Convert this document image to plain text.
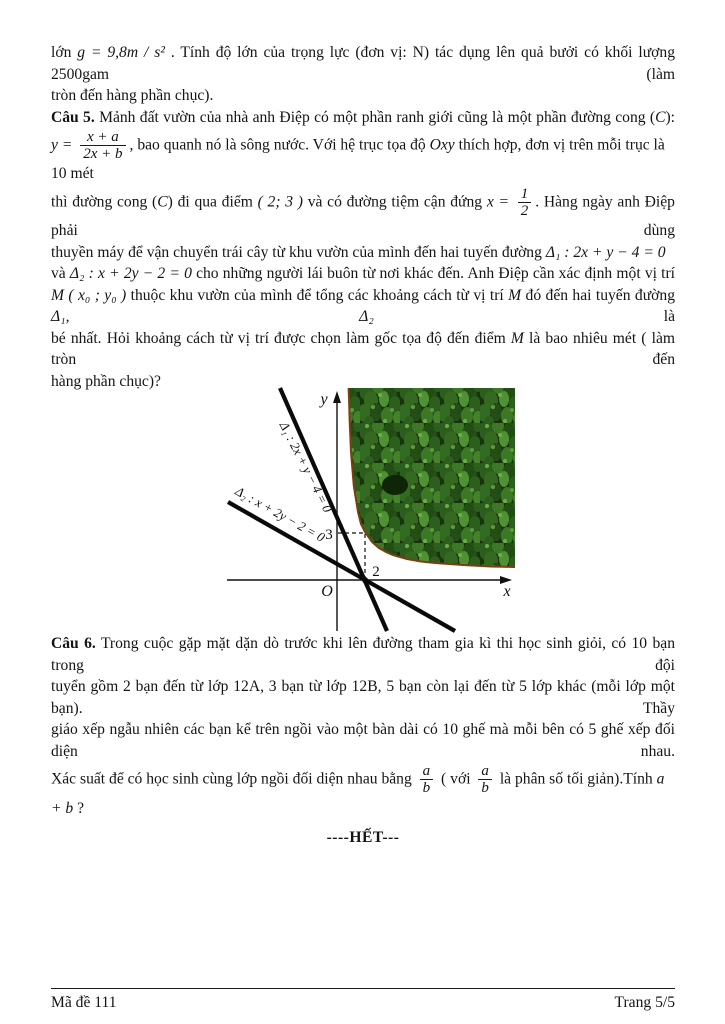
lớn g = 9,8m / s² . Tính độ lớn của trọng lực (đơn vị: N) tác dụng lên quả bưởi có khối lượng 2500gam (làm
tròn đến hàng phần chục).
Câu 5. Mảnh đất vườn của nhà anh Điệp có một phần ranh giới cũng là một phần đường cong (C):
$y = \frac{x + a}{2x + b}$ , bao quanh nó là sông nước. Với hệ trục tọa độ Oxy thích hợp, đơn vị trên mỗi trục là 10 mét
thì đường cong (C) đi qua điểm ( 2; 3 ) và có đường tiệm cận đứng $x = \frac{1}{2}$ . Hàng ngày anh Điệp phải dùng
thuyền máy để vận chuyển trái cây từ khu vườn của mình đến hai tuyến đường Δ₁ : 2x + y − 4 = 0
và Δ₂ : x + 2y − 2 = 0 cho những người lái buôn từ nơi khác đến. Anh Điệp cần xác định một vị trí
M ( x₀ ; y₀ ) thuộc khu vườn của mình để tổng các khoảng cách từ vị trí M đó đến hai tuyến đường Δ₁, Δ₂ là
bé nhất. Hỏi khoảng cách từ vị trí được chọn làm gốc tọa độ đến điểm M là bao nhiêu mét ( làm tròn đến
hàng phần chục)?
y
x
O
3
2
Δ₁ : 2x + y − 4 = 0
Δ₂ : x + 2y − 2 = 0
Câu 6. Trong cuộc gặp mặt dặn dò trước khi lên đường tham gia kì thi học sinh giỏi, có 10 bạn trong đội
tuyển gồm 2 bạn đến từ lớp 12A, 3 bạn từ lớp 12B, 5 bạn còn lại đến từ 5 lớp khác (mỗi lớp một bạn). Thầy
giáo xếp ngẫu nhiên các bạn kể trên ngồi vào một bàn dài có 10 ghế mà mỗi bên có 5 ghế xếp đối diện nhau.
Xác suất để có học sinh cùng lớp ngồi đối diện nhau bằng $\frac{a}{b}$ ( với $\frac{a}{b}$ là phân số tối giản).Tính a + b ?
----HẾT---
Mã đề 111	Trang 5/5
